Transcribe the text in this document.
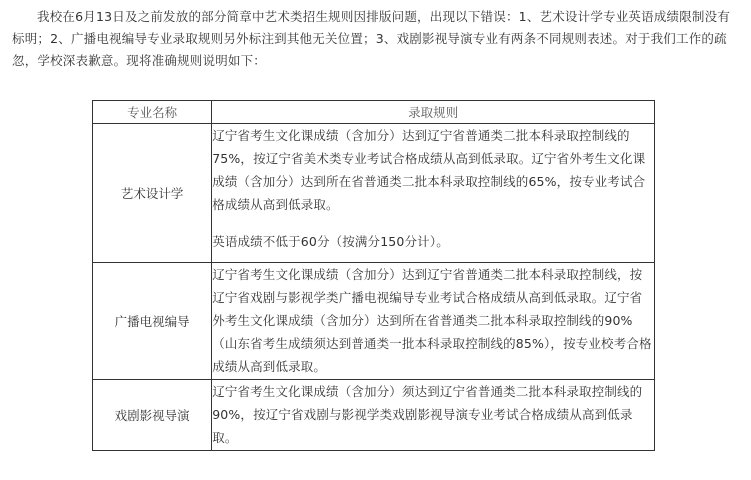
我校在6月13日及之前发放的部分简章中艺术类招生规则因排版问题，出现以下错误：1、艺术设计学专业英语成绩限制没有标明；2、广播电视编导专业录取规则另外标注到其他无关位置；3、戏剧影视导演专业有两条不同规则表述。对于我们工作的疏忽，学校深表歉意。现将准确规则说明如下：

专业名称	录取规则
艺术设计学	辽宁省考生文化课成绩（含加分）达到辽宁省普通类二批本科录取控制线的75%，按辽宁省美术类专业考试合格成绩从高到低录取。辽宁省外考生文化课成绩（含加分）达到所在省普通类二批本科录取控制线的65%，按专业考试合格成绩从高到低录取。

英语成绩不低于60分（按满分150分计）。

广播电视编导	辽宁省考生文化课成绩（含加分）达到辽宁省普通类二批本科录取控制线，按辽宁省戏剧与影视学类广播电视编导专业考试合格成绩从高到低录取。辽宁省外考生文化课成绩（含加分）达到所在省普通类二批本科录取控制线的90%（山东省考生成绩须达到普通类一批本科录取控制线的85%），按专业校考合格成绩从高到低录取。

戏剧影视导演	辽宁省考生文化课成绩（含加分）须达到辽宁省普通类二批本科录取控制线的90%，按辽宁省戏剧与影视学类戏剧影视导演专业考试合格成绩从高到低录取。
